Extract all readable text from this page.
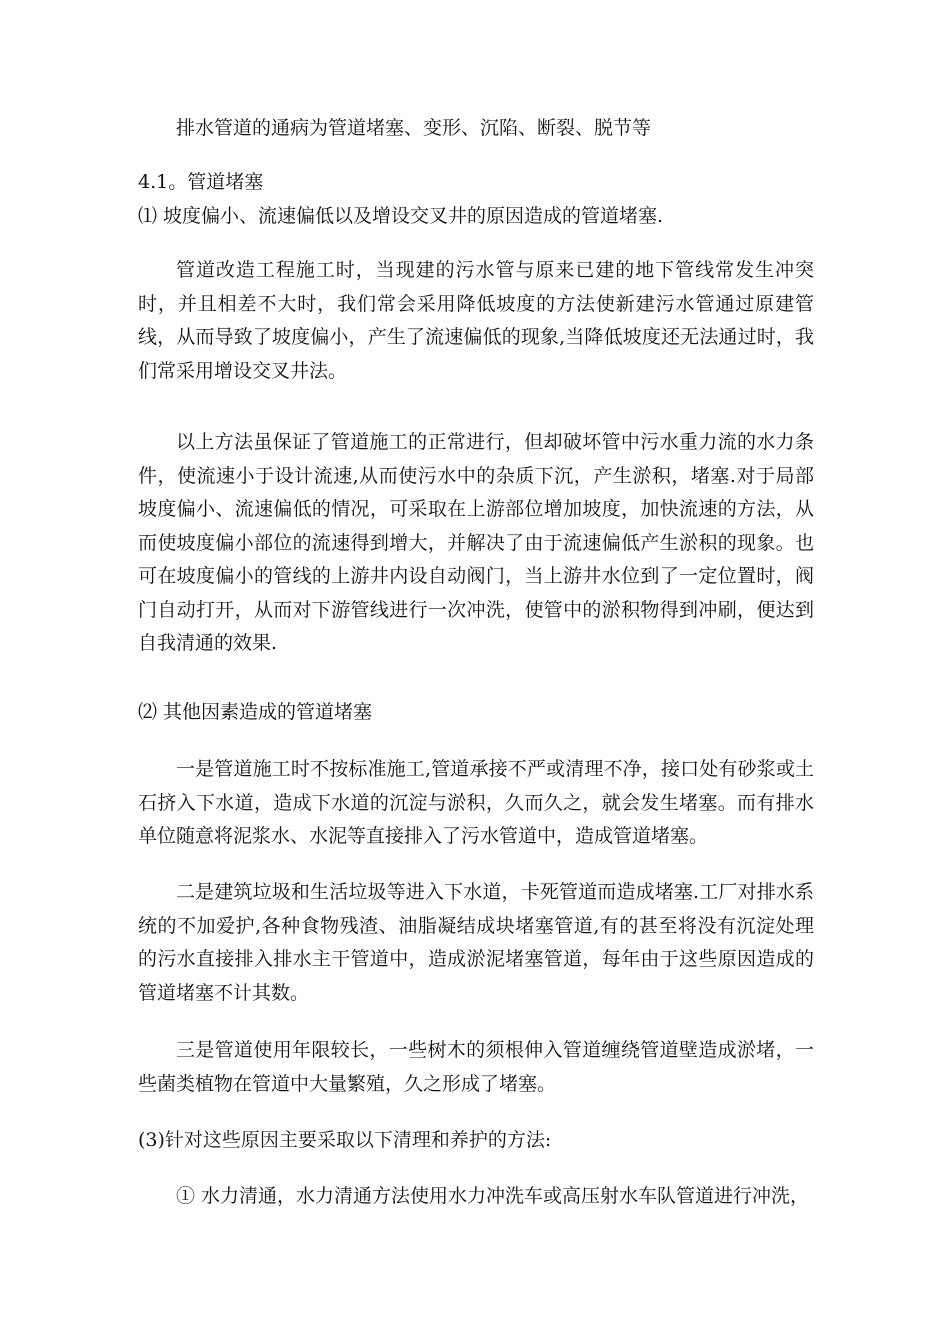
排水管道的通病为管道堵塞、变形、沉陷、断裂、脱节等

4.1。管道堵塞

⑴ 坡度偏小、流速偏低以及增设交叉井的原因造成的管道堵塞.

管道改造工程施工时，当现建的污水管与原来已建的地下管线常发生冲突时，并且相差不大时，我们常会采用降低坡度的方法使新建污水管通过原建管线，从而导致了坡度偏小，产生了流速偏低的现象,当降低坡度还无法通过时，我们常采用增设交叉井法。

以上方法虽保证了管道施工的正常进行，但却破坏管中污水重力流的水力条件，使流速小于设计流速,从而使污水中的杂质下沉，产生淤积，堵塞.对于局部坡度偏小、流速偏低的情况，可采取在上游部位增加坡度，加快流速的方法，从而使坡度偏小部位的流速得到增大，并解决了由于流速偏低产生淤积的现象。也可在坡度偏小的管线的上游井内设自动阀门，当上游井水位到了一定位置时，阀门自动打开，从而对下游管线进行一次冲洗，使管中的淤积物得到冲刷，便达到自我清通的效果.

⑵ 其他因素造成的管道堵塞

一是管道施工时不按标准施工,管道承接不严或清理不净，接口处有砂浆或土石挤入下水道，造成下水道的沉淀与淤积，久而久之，就会发生堵塞。而有排水单位随意将泥浆水、水泥等直接排入了污水管道中，造成管道堵塞。

二是建筑垃圾和生活垃圾等进入下水道，卡死管道而造成堵塞.工厂对排水系统的不加爱护,各种食物残渣、油脂凝结成块堵塞管道,有的甚至将没有沉淀处理的污水直接排入排水主干管道中，造成淤泥堵塞管道，每年由于这些原因造成的管道堵塞不计其数。

三是管道使用年限较长，一些树木的须根伸入管道缠绕管道壁造成淤堵，一些菌类植物在管道中大量繁殖，久之形成了堵塞。

(3)针对这些原因主要采取以下清理和养护的方法:

① 水力清通，水力清通方法使用水力冲洗车或高压射水车队管道进行冲洗，
